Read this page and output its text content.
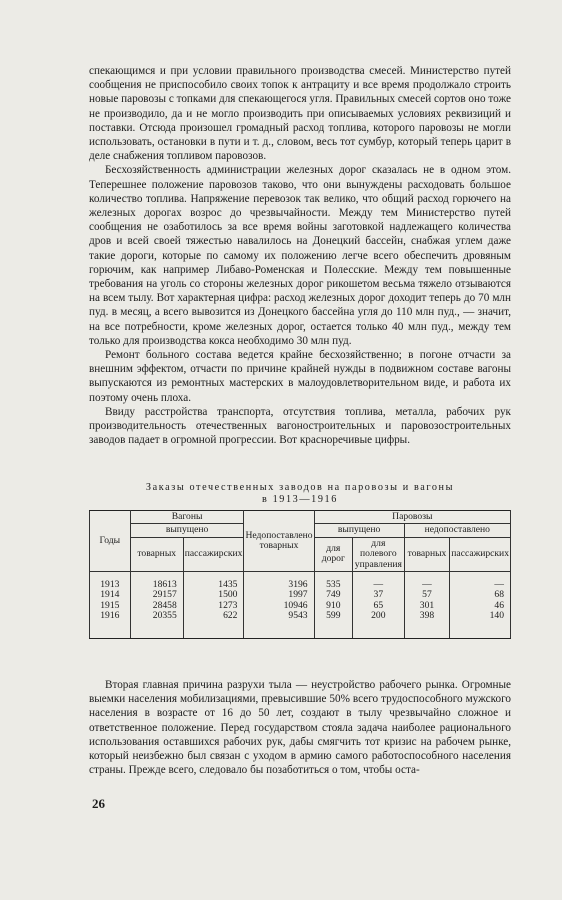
спекающимся и при условии правильного производства смесей. Министерство путей сообщения не приспособило своих топок к антрациту и все время продолжало строить новые паровозы с топками для спекающегося угля. Правильных смесей сортов оно тоже не производило, да и не могло производить при описываемых условиях реквизиций и поставки. Отсюда произошел громадный расход топлива, которого паровозы не могли использовать, остановки в пути и т. д., словом, весь тот сумбур, который теперь царит в деле снабжения топливом паровозов.

Бесхозяйственность администрации железных дорог сказалась не в одном этом. Теперешнее положение паровозов таково, что они вынуждены расходовать большое количество топлива. Напряжение перевозок так велико, что общий расход горючего на железных дорогах возрос до чрезвычайности. Между тем Министерство путей сообщения не озаботилось за все время войны заготовкой надлежащего количества дров и всей своей тяжестью навалилось на Донецкий бассейн, снабжая углем даже такие дороги, которые по самому их положению легче всего обеспечить дровяным горючим, как например Либаво-Роменская и Полесские. Между тем повышенные требования на уголь со стороны железных дорог рикошетом весьма тяжело отзываются на всем тылу. Вот характерная цифра: расход железных дорог доходит теперь до 70 млн пуд. в месяц, а всего вывозится из Донецкого бассейна угля до 110 млн пуд., — значит, на все потребности, кроме железных дорог, остается только 40 млн пуд., между тем только для производства кокса необходимо 30 млн пуд.

Ремонт больного состава ведется крайне бесхозяйственно; в погоне отчасти за внешним эффектом, отчасти по причине крайней нужды в подвижном составе вагоны выпускаются из ремонтных мастерских в малоудовлетворительном виде, и работа их поэтому очень плоха.

Ввиду расстройства транспорта, отсутствия топлива, металла, рабочих рук производительность отечественных вагоностроительных и паровозостроительных заводов падает в огромной прогрессии. Вот красноречивые цифры.

Заказы отечественных заводов на паровозы и вагоны
в 1913—1916
Годы	Вагоны		Недопоставлено товарных	Паровозы			
	выпущено			выпущено		недопоставлено	
	товарных	пассажирских		для дорог	для полевого управления	товарных	пассажирских
1913	18613	1435	3196	535	—	—	—
1914	29157	1500	1997	749	37	57	68
1915	28458	1273	10946	910	65	301	46
1916	20355	622	9543	599	200	398	140

Вторая главная причина разрухи тыла — неустройство рабочего рынка. Огромные выемки населения мобилизациями, превысившие 50% всего трудоспособного мужского населения в возрасте от 16 до 50 лет, создают в тылу чрезвычайно сложное и ответственное положение. Перед государством стояла задача наиболее рационального использования оставшихся рабочих рук, дабы смягчить тот кризис на рабочем рынке, который неизбежно был связан с уходом в армию самого работоспособного населения страны. Прежде всего, следовало бы позаботиться о том, чтобы оста-

26
